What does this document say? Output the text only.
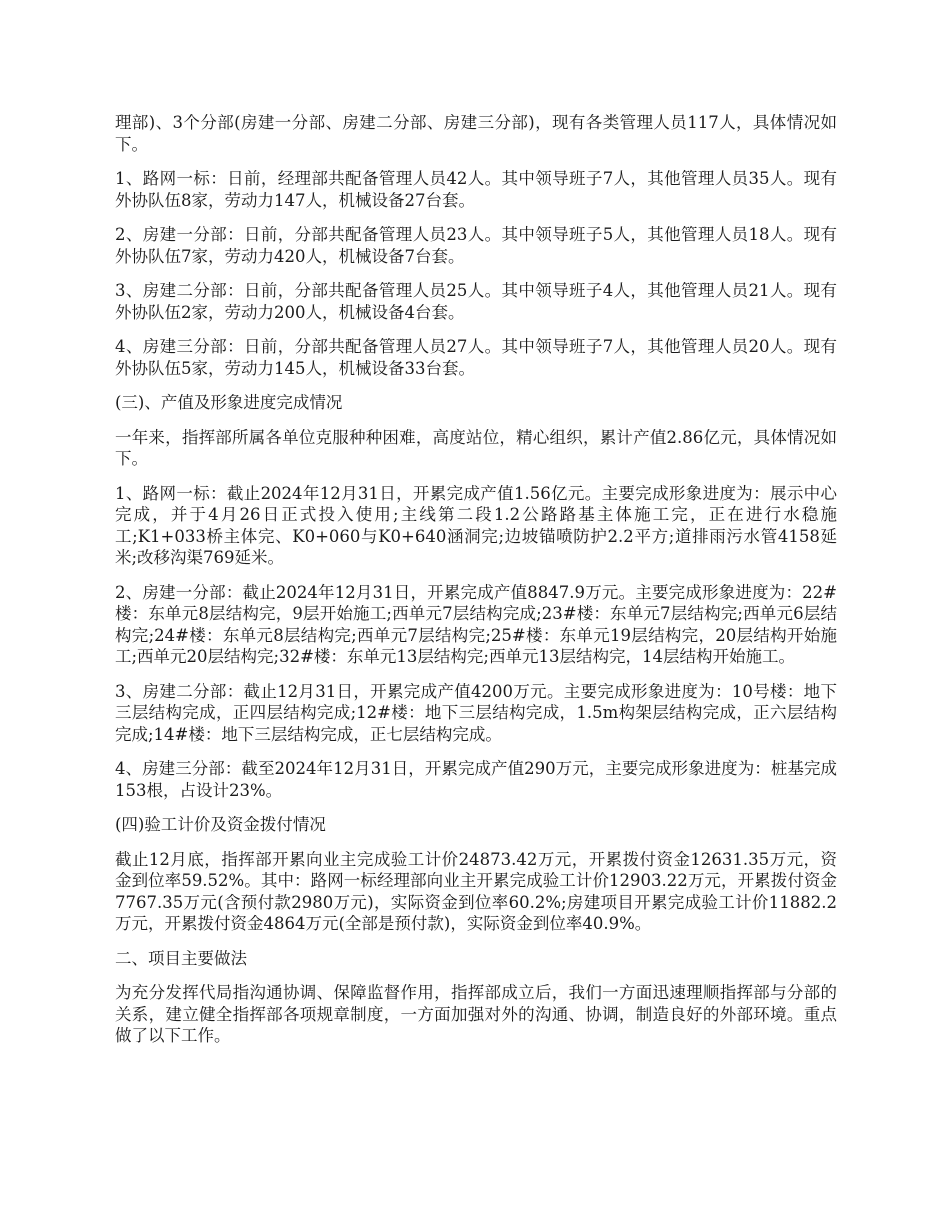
理部)、3个分部(房建一分部、房建二分部、房建三分部)，现有各类管理人员117人，具体情况如下。

1、路网一标：日前，经理部共配备管理人员42人。其中领导班子7人，其他管理人员35人。现有外协队伍8家，劳动力147人，机械设备27台套。

2、房建一分部：日前，分部共配备管理人员23人。其中领导班子5人，其他管理人员18人。现有外协队伍7家，劳动力420人，机械设备7台套。

3、房建二分部：日前，分部共配备管理人员25人。其中领导班子4人，其他管理人员21人。现有外协队伍2家，劳动力200人，机械设备4台套。

4、房建三分部：日前，分部共配备管理人员27人。其中领导班子7人，其他管理人员20人。现有外协队伍5家，劳动力145人，机械设备33台套。

(三)、产值及形象进度完成情况

一年来，指挥部所属各单位克服种种困难，高度站位，精心组织，累计产值2.86亿元，具体情况如下。

1、路网一标：截止2024年12月31日，开累完成产值1.56亿元。主要完成形象进度为：展示中心完成，并于4月26日正式投入使用;主线第二段1.2公路路基主体施工完，正在进行水稳施工;K1+033桥主体完、K0+060与K0+640涵洞完;边坡锚喷防护2.2平方;道排雨污水管4158延米;改移沟渠769延米。

2、房建一分部：截止2024年12月31日，开累完成产值8847.9万元。主要完成形象进度为：22#楼：东单元8层结构完，9层开始施工;西单元7层结构完成;23#楼：东单元7层结构完;西单元6层结构完;24#楼：东单元8层结构完;西单元7层结构完;25#楼：东单元19层结构完，20层结构开始施工;西单元20层结构完;32#楼：东单元13层结构完;西单元13层结构完，14层结构开始施工。

3、房建二分部：截止12月31日，开累完成产值4200万元。主要完成形象进度为：10号楼：地下三层结构完成，正四层结构完成;12#楼：地下三层结构完成，1.5m构架层结构完成，正六层结构完成;14#楼：地下三层结构完成，正七层结构完成。

4、房建三分部：截至2024年12月31日，开累完成产值290万元，主要完成形象进度为：桩基完成153根，占设计23%。

(四)验工计价及资金拨付情况

截止12月底，指挥部开累向业主完成验工计价24873.42万元，开累拨付资金12631.35万元，资金到位率59.52%。其中：路网一标经理部向业主开累完成验工计价12903.22万元，开累拨付资金7767.35万元(含预付款2980万元)，实际资金到位率60.2%;房建项目开累完成验工计价11882.2万元，开累拨付资金4864万元(全部是预付款)，实际资金到位率40.9%。

二、项目主要做法

为充分发挥代局指沟通协调、保障监督作用，指挥部成立后，我们一方面迅速理顺指挥部与分部的关系，建立健全指挥部各项规章制度，一方面加强对外的沟通、协调，制造良好的外部环境。重点做了以下工作。
